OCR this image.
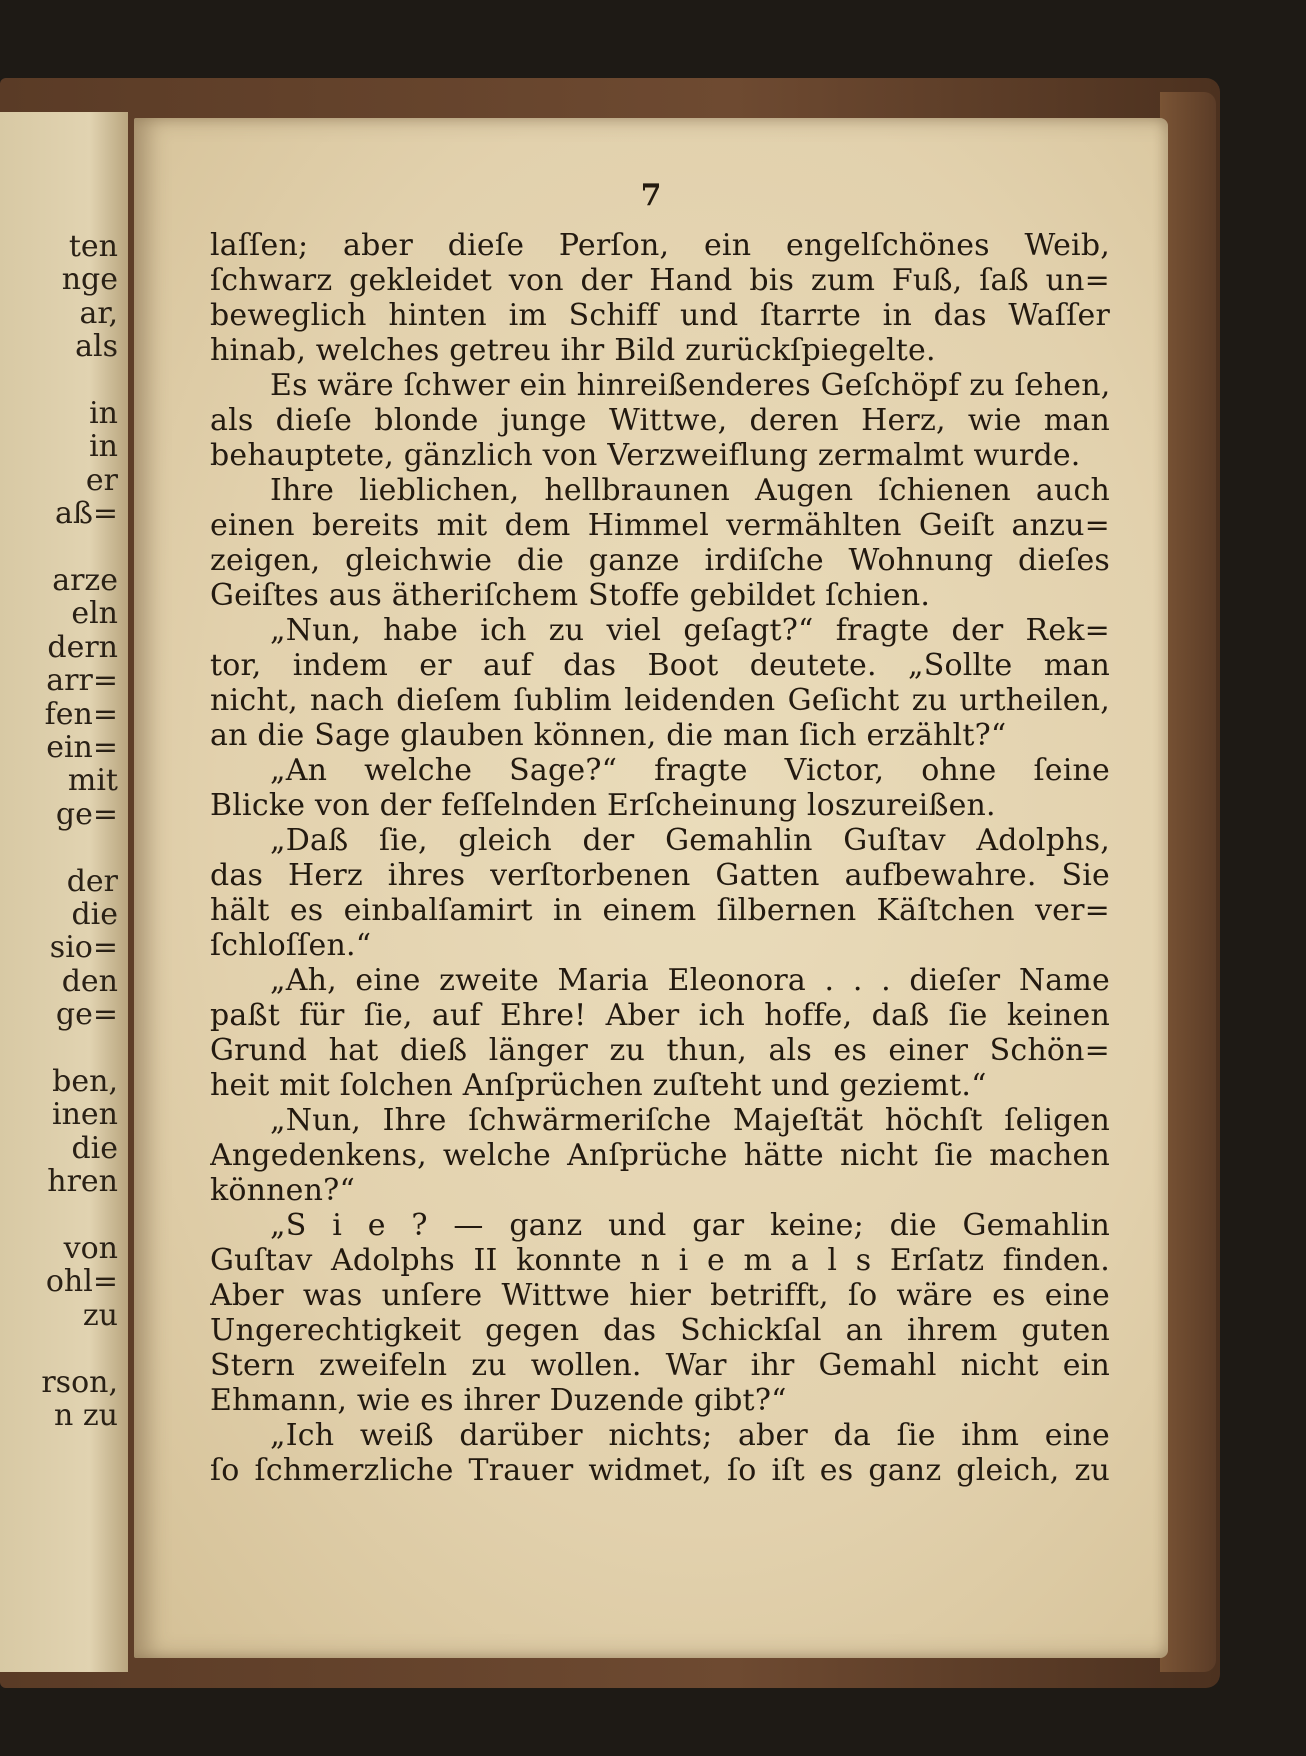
ten
nge
ar,
als
in
in
er
aß=
arze
eln
dern
arr=
fen=
ein=
mit
ge=
der
die
sio=
den
ge=
ben,
inen
die
hren
von
ohl=
zu
rson,
n zu
7
laſſen; aber dieſe Perſon, ein engelſchönes Weib,
ſchwarz gekleidet von der Hand bis zum Fuß, ſaß un=
beweglich hinten im Schiff und ſtarrte in das Waſſer
hinab, welches getreu ihr Bild zurückſpiegelte.
Es wäre ſchwer ein hinreißenderes Geſchöpf zu ſehen,
als dieſe blonde junge Wittwe, deren Herz, wie man
behauptete, gänzlich von Verzweiflung zermalmt wurde.
Ihre lieblichen, hellbraunen Augen ſchienen auch
einen bereits mit dem Himmel vermählten Geiſt anzu=
zeigen, gleichwie die ganze irdiſche Wohnung dieſes
Geiſtes aus ätheriſchem Stoffe gebildet ſchien.
„Nun, habe ich zu viel geſagt?“ fragte der Rek=
tor, indem er auf das Boot deutete. „Sollte man
nicht, nach dieſem ſublim leidenden Geſicht zu urtheilen,
an die Sage glauben können, die man ſich erzählt?“
„An welche Sage?“ fragte Victor, ohne ſeine
Blicke von der feſſelnden Erſcheinung loszureißen.
„Daß ſie, gleich der Gemahlin Guſtav Adolphs,
das Herz ihres verſtorbenen Gatten aufbewahre. Sie
hält es einbalſamirt in einem ſilbernen Käſtchen ver=
ſchloſſen.“
„Ah, eine zweite Maria Eleonora . . . dieſer Name
paßt für ſie, auf Ehre! Aber ich hoffe, daß ſie keinen
Grund hat dieß länger zu thun, als es einer Schön=
heit mit ſolchen Anſprüchen zuſteht und geziemt.“
„Nun, Ihre ſchwärmeriſche Majeſtät höchſt ſeligen
Angedenkens, welche Anſprüche hätte nicht ſie machen
können?“
„S i e ? — ganz und gar keine; die Gemahlin
Guſtav Adolphs II konnte n i e m a l s Erſatz finden.
Aber was unſere Wittwe hier betrifft, ſo wäre es eine
Ungerechtigkeit gegen das Schickſal an ihrem guten
Stern zweifeln zu wollen. War ihr Gemahl nicht ein
Ehmann, wie es ihrer Duzende gibt?“
„Ich weiß darüber nichts; aber da ſie ihm eine
ſo ſchmerzliche Trauer widmet, ſo iſt es ganz gleich, zu
